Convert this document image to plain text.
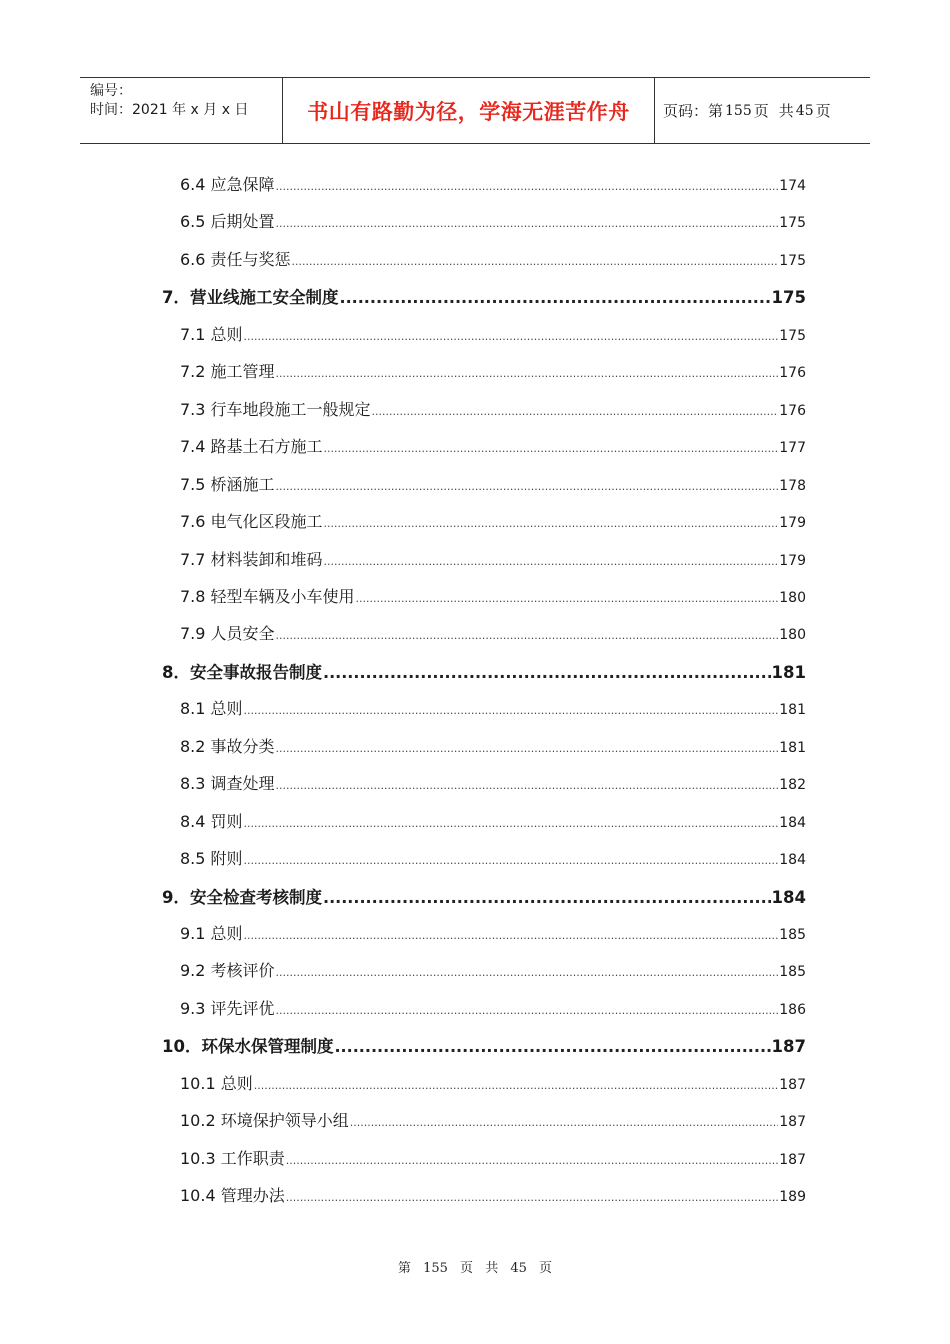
编号：
时间：2021 年 x 月 x 日	书山有路勤为径，学海无涯苦作舟	页码：第 155 页 共 45 页
6.4 应急保障 .....	174
6.5 后期处置 .....	175
6.6 责任与奖惩 .....	175
7．营业线施工安全制度 .....	175
7.1 总则 .....	175
7.2 施工管理 .....	176
7.3 行车地段施工一般规定 .....	176
7.4 路基土石方施工 .....	177
7.5 桥涵施工 .....	178
7.6 电气化区段施工 .....	179
7.7 材料装卸和堆码 .....	179
7.8 轻型车辆及小车使用 .....	180
7.9 人员安全 .....	180
8．安全事故报告制度 .....	181
8.1 总则 .....	181
8.2 事故分类 .....	181
8.3 调查处理 .....	182
8.4 罚则 .....	184
8.5 附则 .....	184
9．安全检查考核制度 .....	184
9.1 总则 .....	185
9.2 考核评价 .....	185
9.3 评先评优 .....	186
10．环保水保管理制度 .....	187
10.1 总则 .....	187
10.2 环境保护领导小组 .....	187
10.3 工作职责 .....	187
10.4 管理办法 .....	189
第 155 页 共 45 页
